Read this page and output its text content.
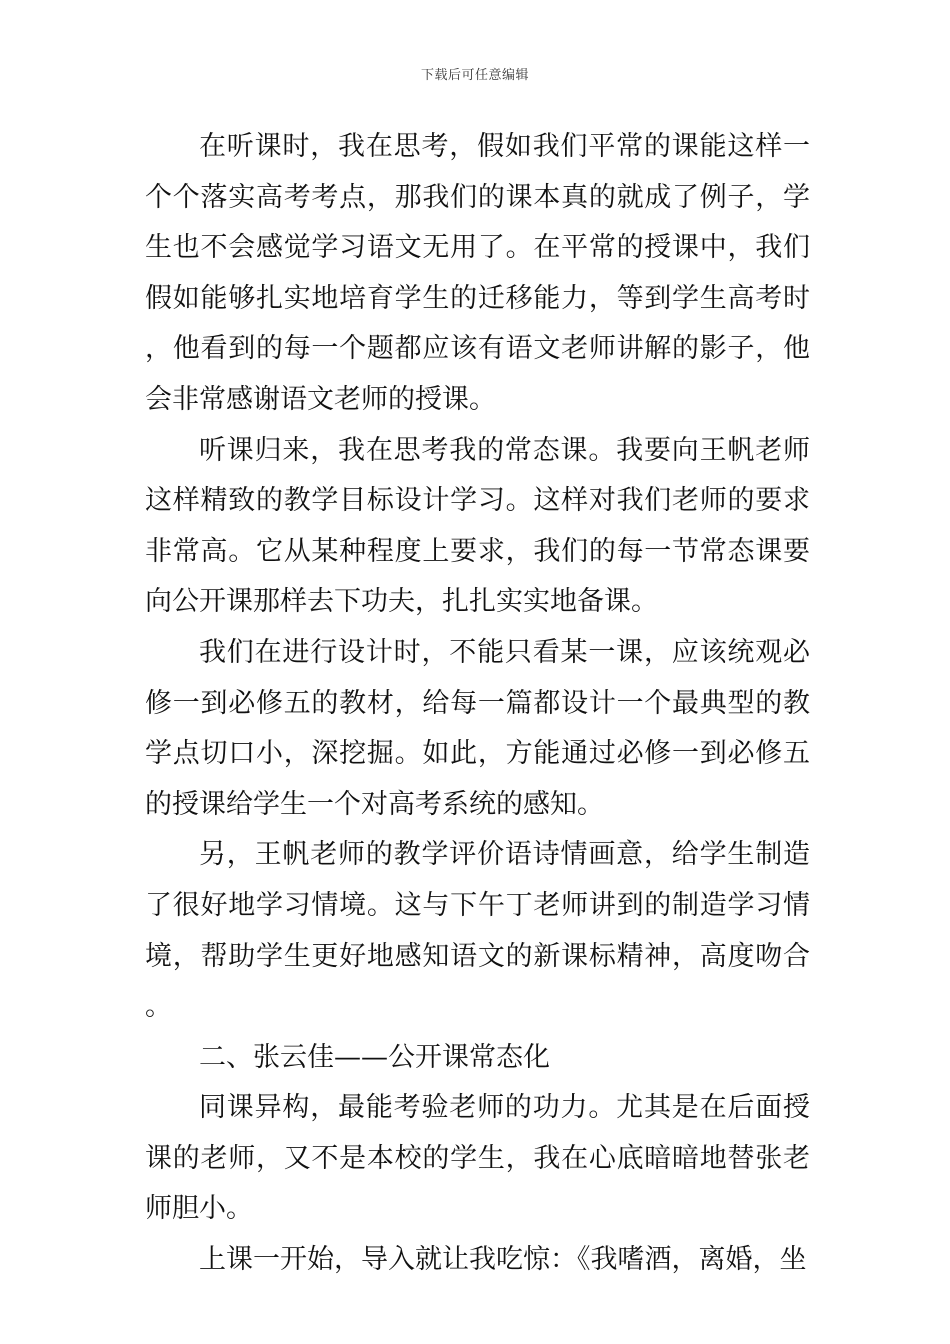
下载后可任意编辑

在听课时，我在思考，假如我们平常的课能这样一个个落实高考考点，那我们的课本真的就成了例子，学生也不会感觉学习语文无用了。在平常的授课中，我们假如能够扎实地培育学生的迁移能力，等到学生高考时，他看到的每一个题都应该有语文老师讲解的影子，他会非常感谢语文老师的授课。

听课归来，我在思考我的常态课。我要向王帆老师这样精致的教学目标设计学习。这样对我们老师的要求非常高。它从某种程度上要求，我们的每一节常态课要向公开课那样去下功夫，扎扎实实地备课。

我们在进行设计时，不能只看某一课，应该统观必修一到必修五的教材，给每一篇都设计一个最典型的教学点切口小，深挖掘。如此，方能通过必修一到必修五的授课给学生一个对高考系统的感知。

另，王帆老师的教学评价语诗情画意，给学生制造了很好地学习情境。这与下午丁老师讲到的制造学习情境，帮助学生更好地感知语文的新课标精神，高度吻合。

二、张云佳——公开课常态化

同课异构，最能考验老师的功力。尤其是在后面授课的老师，又不是本校的学生，我在心底暗暗地替张老师胆小。

上课一开始，导入就让我吃惊：《我嗜酒，离婚，坐
